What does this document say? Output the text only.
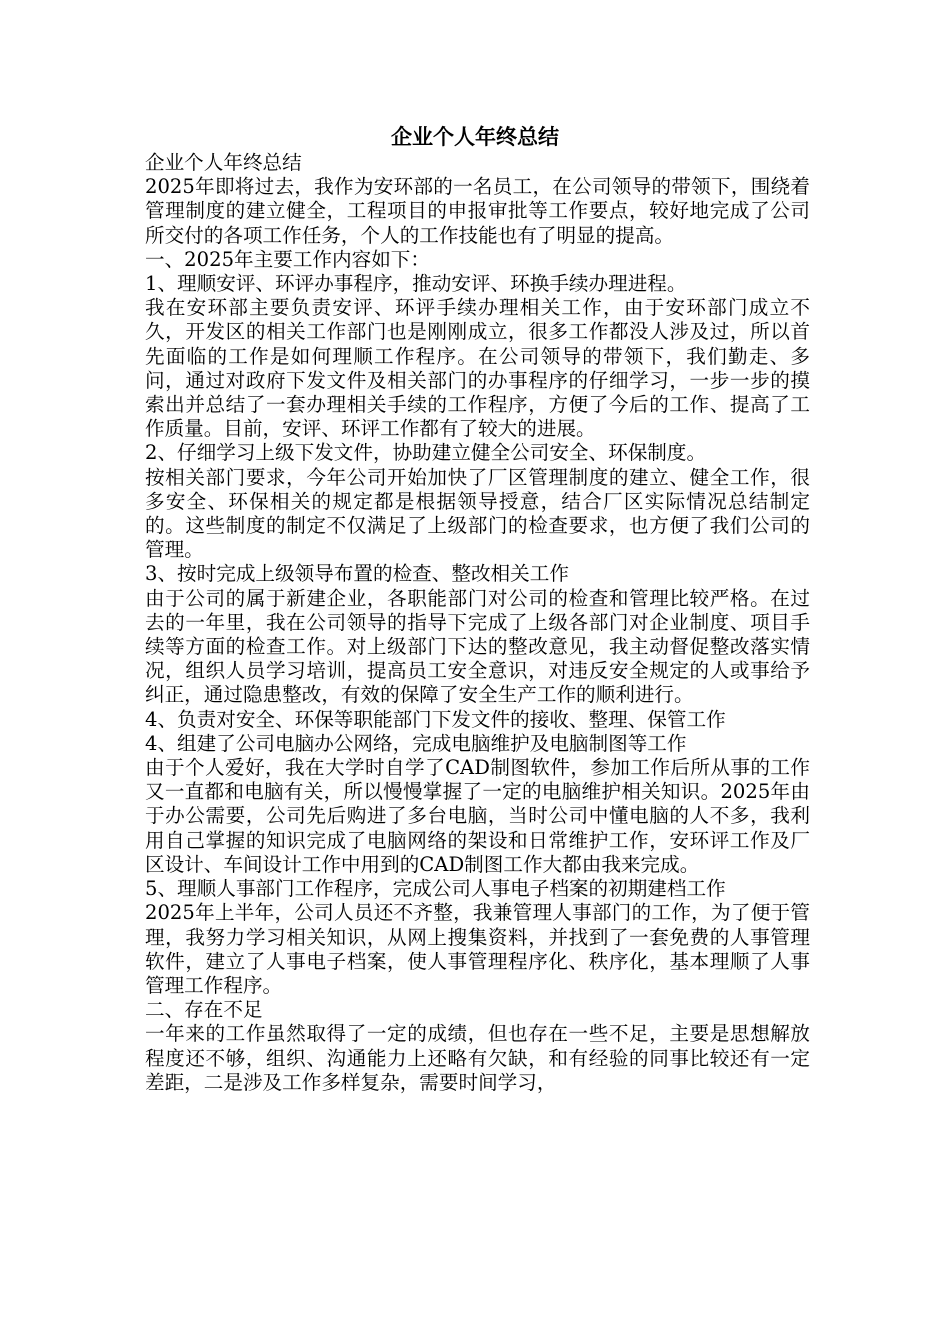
企业个人年终总结

企业个人年终总结

2025年即将过去，我作为安环部的一名员工，在公司领导的带领下，围绕着管理制度的建立健全，工程项目的申报审批等工作要点，较好地完成了公司所交付的各项工作任务，个人的工作技能也有了明显的提高。

一、2025年主要工作内容如下：

1、理顺安评、环评办事程序，推动安评、环换手续办理进程。

我在安环部主要负责安评、环评手续办理相关工作，由于安环部门成立不久，开发区的相关工作部门也是刚刚成立，很多工作都没人涉及过，所以首先面临的工作是如何理顺工作程序。在公司领导的带领下，我们勤走、多问，通过对政府下发文件及相关部门的办事程序的仔细学习，一步一步的摸索出并总结了一套办理相关手续的工作程序，方便了今后的工作、提高了工作质量。目前，安评、环评工作都有了较大的进展。

2、仔细学习上级下发文件，协助建立健全公司安全、环保制度。

按相关部门要求，今年公司开始加快了厂区管理制度的建立、健全工作，很多安全、环保相关的规定都是根据领导授意，结合厂区实际情况总结制定的。这些制度的制定不仅满足了上级部门的检查要求，也方便了我们公司的管理。

3、按时完成上级领导布置的检查、整改相关工作

由于公司的属于新建企业，各职能部门对公司的检查和管理比较严格。在过去的一年里，我在公司领导的指导下完成了上级各部门对企业制度、项目手续等方面的检查工作。对上级部门下达的整改意见，我主动督促整改落实情况，组织人员学习培训，提高员工安全意识，对违反安全规定的人或事给予纠正，通过隐患整改，有效的保障了安全生产工作的顺利进行。

4、负责对安全、环保等职能部门下发文件的接收、整理、保管工作

4、组建了公司电脑办公网络，完成电脑维护及电脑制图等工作

由于个人爱好，我在大学时自学了CAD制图软件，参加工作后所从事的工作又一直都和电脑有关，所以慢慢掌握了一定的电脑维护相关知识。2025年由于办公需要，公司先后购进了多台电脑，当时公司中懂电脑的人不多，我利用自己掌握的知识完成了电脑网络的架设和日常维护工作，安环评工作及厂区设计、车间设计工作中用到的CAD制图工作大都由我来完成。

5、理顺人事部门工作程序，完成公司人事电子档案的初期建档工作

2025年上半年，公司人员还不齐整，我兼管理人事部门的工作，为了便于管理，我努力学习相关知识，从网上搜集资料，并找到了一套免费的人事管理软件，建立了人事电子档案，使人事管理程序化、秩序化，基本理顺了人事管理工作程序。

二、存在不足

一年来的工作虽然取得了一定的成绩，但也存在一些不足，主要是思想解放程度还不够，组织、沟通能力上还略有欠缺，和有经验的同事比较还有一定差距，二是涉及工作多样复杂，需要时间学习，
